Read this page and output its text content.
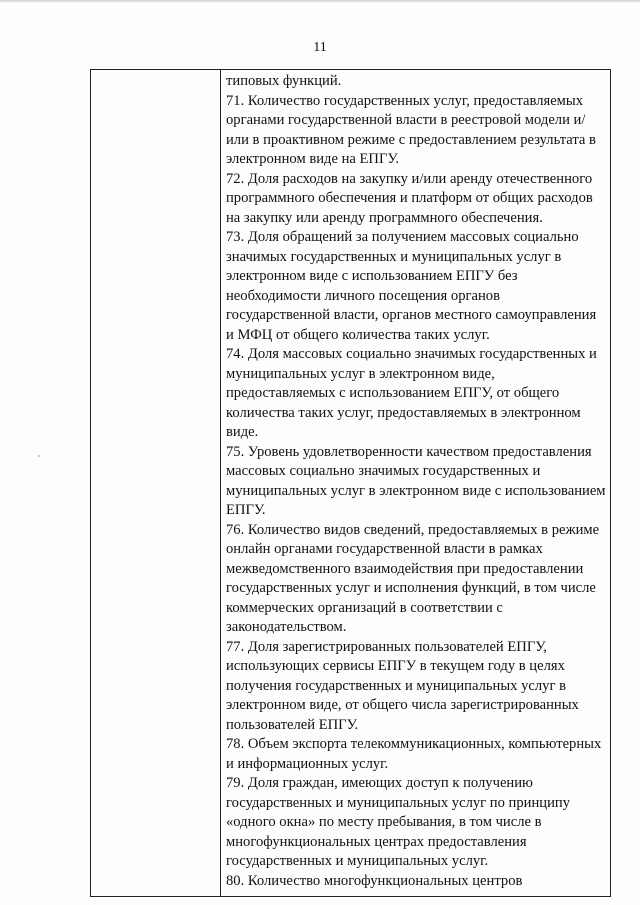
11

типовых функций.

71. Количество государственных услуг, предоставляемых органами государственной власти в реестровой модели и/или в проактивном режиме с предоставлением результата в электронном виде на ЕПГУ.

72. Доля расходов на закупку и/или аренду отечественного программного обеспечения и платформ от общих расходов на закупку или аренду программного обеспечения.

73. Доля обращений за получением массовых социально значимых государственных и муниципальных услуг в электронном виде с использованием ЕПГУ без необходимости личного посещения органов государственной власти, органов местного самоуправления и МФЦ от общего количества таких услуг.

74. Доля массовых социально значимых государственных и муниципальных услуг в электронном виде, предоставляемых с использованием ЕПГУ, от общего количества таких услуг, предоставляемых в электронном виде.

75. Уровень удовлетворенности качеством предоставления массовых социально значимых государственных и муниципальных услуг в электронном виде с использованием ЕПГУ.

76. Количество видов сведений, предоставляемых в режиме онлайн органами государственной власти в рамках межведомственного взаимодействия при предоставлении государственных услуг и исполнения функций, в том числе коммерческих организаций в соответствии с законодательством.

77. Доля зарегистрированных пользователей ЕПГУ, использующих сервисы ЕПГУ в текущем году в целях получения государственных и муниципальных услуг в электронном виде, от общего числа зарегистрированных пользователей ЕПГУ.

78. Объем экспорта телекоммуникационных, компьютерных и информационных услуг.

79. Доля граждан, имеющих доступ к получению государственных и муниципальных услуг по принципу «одного окна» по месту пребывания, в том числе в многофункциональных центрах предоставления государственных и муниципальных услуг.

80. Количество многофункциональных центров
